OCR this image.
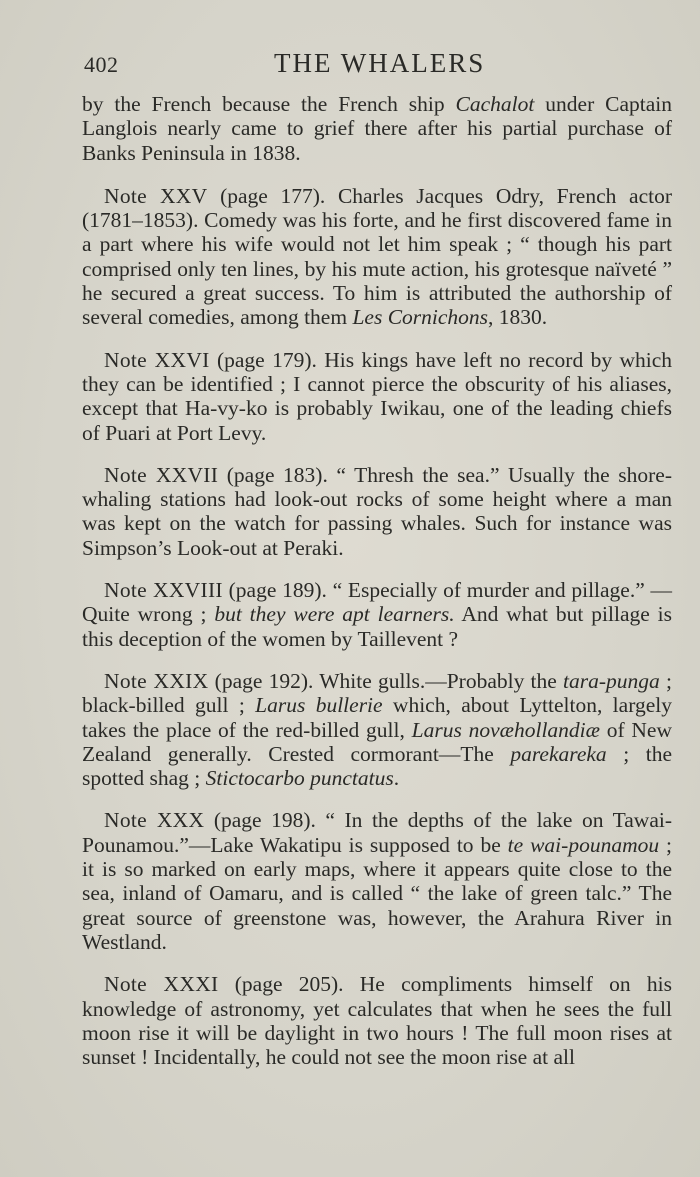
402	THE WHALERS

by the French because the French ship Cachalot under Captain Langlois nearly came to grief there after his partial purchase of Banks Peninsula in 1838.

Note XXV (page 177). Charles Jacques Odry, French actor (1781–1853). Comedy was his forte, and he first discovered fame in a part where his wife would not let him speak ; “ though his part comprised only ten lines, by his mute action, his grotesque naïveté ” he secured a great success. To him is attributed the authorship of several comedies, among them Les Cornichons, 1830.

Note XXVI (page 179). His kings have left no record by which they can be identified ; I cannot pierce the obscurity of his aliases, except that Ha-vy-ko is probably Iwikau, one of the leading chiefs of Puari at Port Levy.

Note XXVII (page 183). “ Thresh the sea.” Usually the shore-whaling stations had look-out rocks of some height where a man was kept on the watch for passing whales. Such for instance was Simpson’s Look-out at Peraki.

Note XXVIII (page 189). “ Especially of murder and pillage.” —Quite wrong ; but they were apt learners. And what but pillage is this deception of the women by Taillevent ?

Note XXIX (page 192). White gulls.—Probably the tara-punga ; black-billed gull ; Larus bullerie which, about Lyttelton, largely takes the place of the red-billed gull, Larus novæhollandiæ of New Zealand generally. Crested cormorant—The parekareka ; the spotted shag ; Stictocarbo punctatus.

Note XXX (page 198). “ In the depths of the lake on Tawai-Pounamou.”—Lake Wakatipu is supposed to be te wai-pounamou ; it is so marked on early maps, where it appears quite close to the sea, inland of Oamaru, and is called “ the lake of green talc.” The great source of greenstone was, however, the Arahura River in Westland.

Note XXXI (page 205). He compliments himself on his knowledge of astronomy, yet calculates that when he sees the full moon rise it will be daylight in two hours ! The full moon rises at sunset ! Incidentally, he could not see the moon rise at all
